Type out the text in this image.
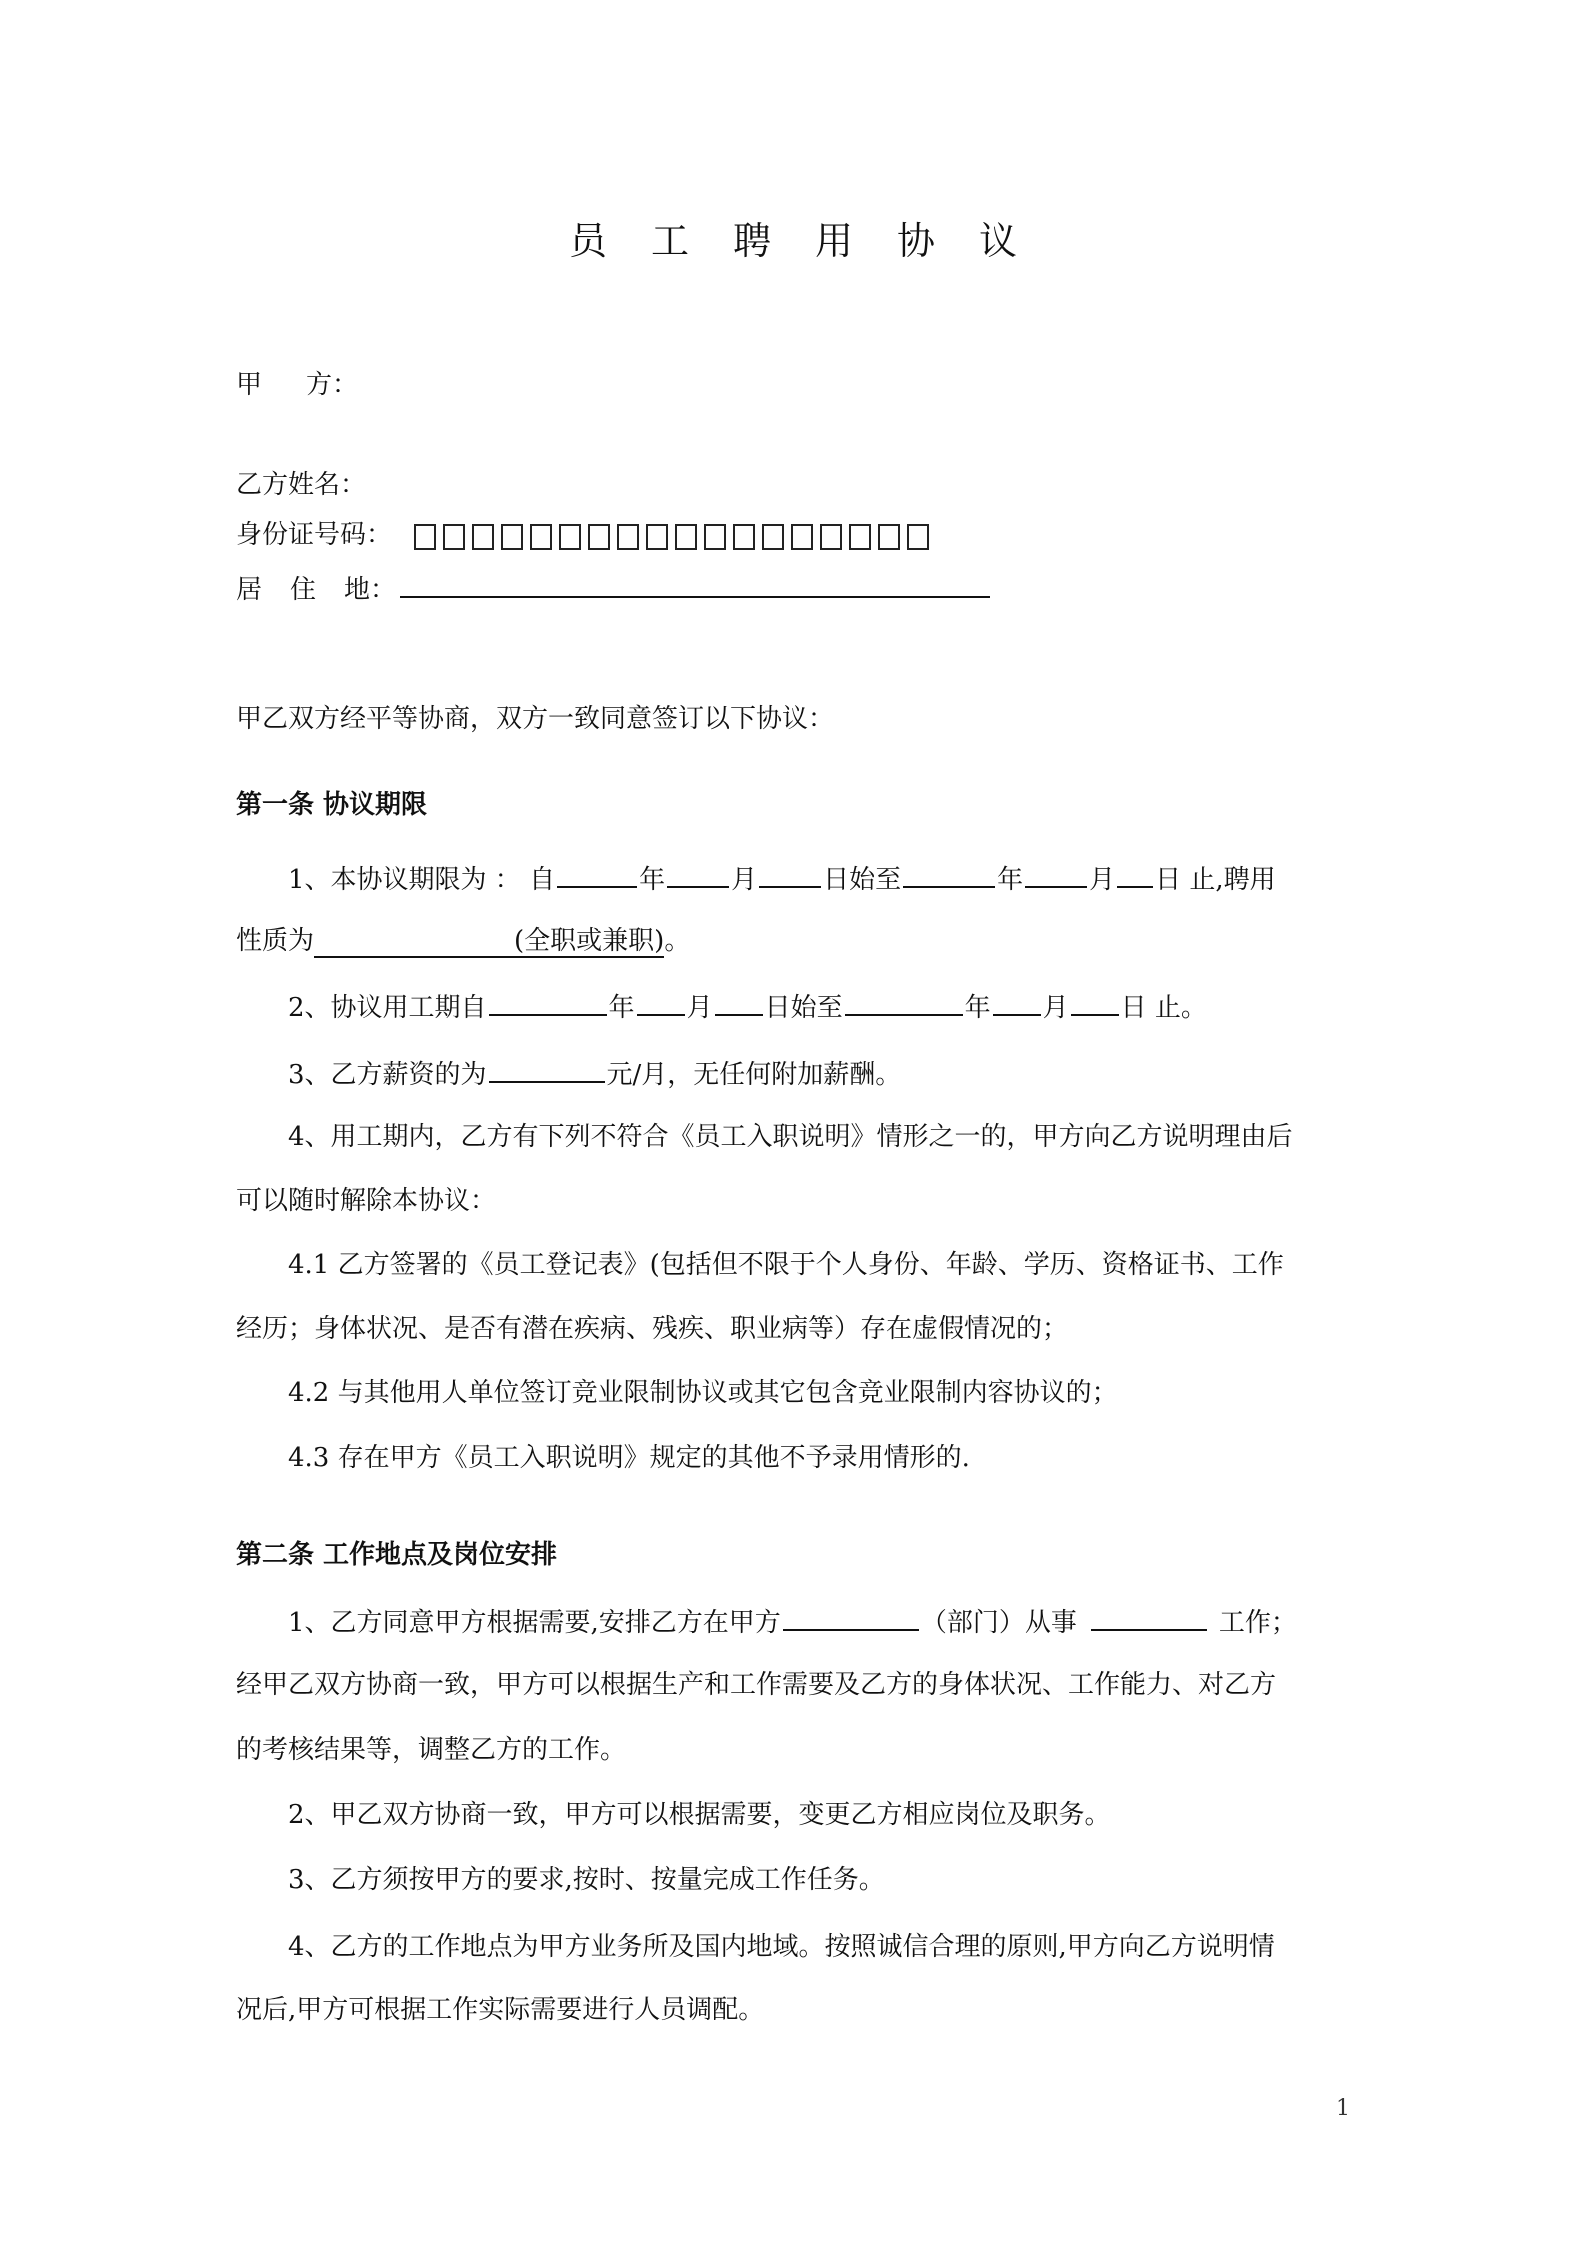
员工聘用协议
甲 方：
乙方姓名：
身份证号码：
居 住 地：
甲乙双方经平等协商，双方一致同意签订以下协议：
第一条 协议期限
1、本协议期限为 ： 自	年	月	日始至	年	月 日 止,聘用
性质为	(全职或兼职)。
2、协议用工期自	年 月 日始至	年 月 日 止。
3、乙方薪资的为	元/月，无任何附加薪酬。
4、用工期内，乙方有下列不符合《员工入职说明》情形之一的，甲方向乙方说明理由后
可以随时解除本协议：
4.1 乙方签署的《员工登记表》(包括但不限于个人身份、年龄、学历、资格证书、工作
经历；身体状况、是否有潜在疾病、残疾、职业病等）存在虚假情况的；
4.2 与其他用人单位签订竞业限制协议或其它包含竞业限制内容协议的；
4.3 存在甲方《员工入职说明》规定的其他不予录用情形的.
第二条 工作地点及岗位安排
1、乙方同意甲方根据需要,安排乙方在甲方	（部门）从事	工作；
经甲乙双方协商一致，甲方可以根据生产和工作需要及乙方的身体状况、工作能力、对乙方
的考核结果等，调整乙方的工作。
2、甲乙双方协商一致，甲方可以根据需要，变更乙方相应岗位及职务。
3、乙方须按甲方的要求,按时、按量完成工作任务。
4、乙方的工作地点为甲方业务所及国内地域。按照诚信合理的原则,甲方向乙方说明情
况后,甲方可根据工作实际需要进行人员调配。
1
